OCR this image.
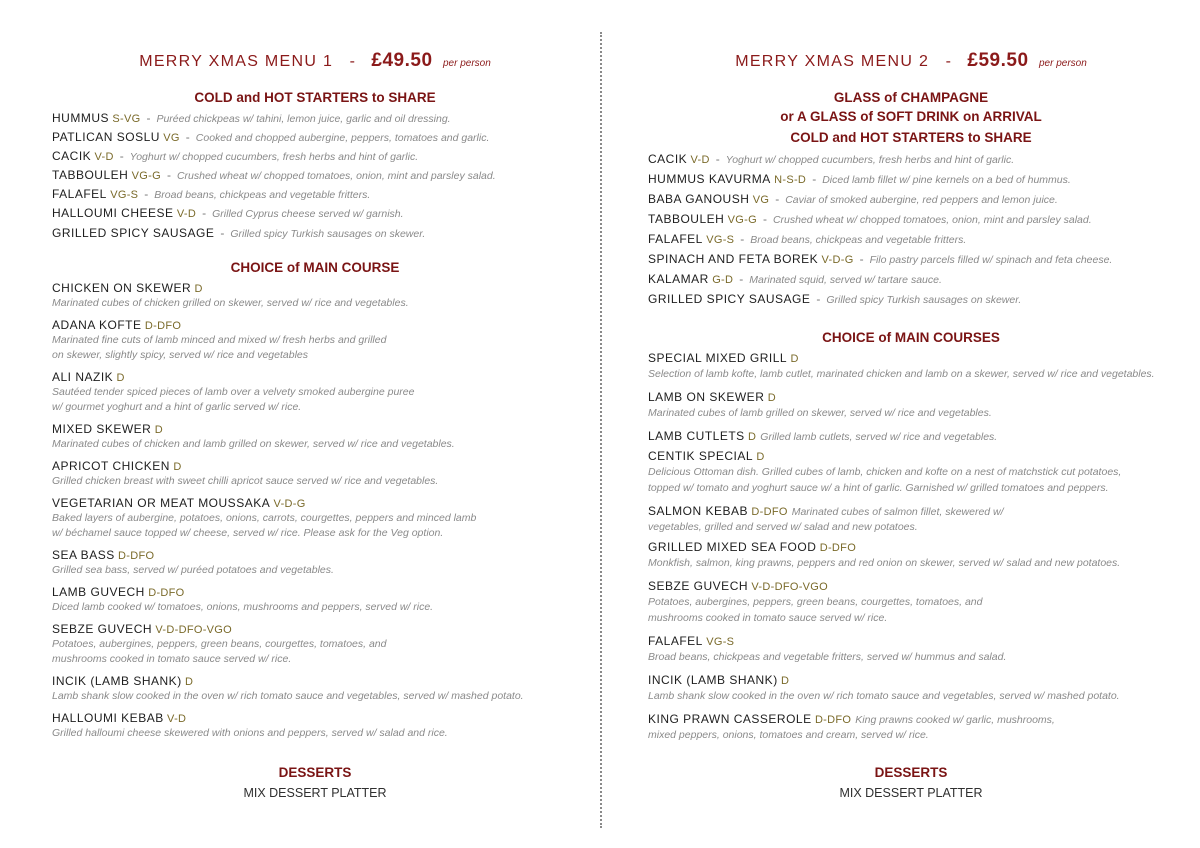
MERRY XMAS MENU 1 - £49.50 per person
COLD and HOT STARTERS to SHARE
HUMMUS S-VG - Puréed chickpeas w/ tahini, lemon juice, garlic and oil dressing.
PATLICAN SOSLU VG - Cooked and chopped aubergine, peppers, tomatoes and garlic.
CACIK V-D - Yoghurt w/ chopped cucumbers, fresh herbs and hint of garlic.
TABBOULEH VG-G - Crushed wheat w/ chopped tomatoes, onion, mint and parsley salad.
FALAFEL VG-S - Broad beans, chickpeas and vegetable fritters.
HALLOUMI CHEESE V-D - Grilled Cyprus cheese served w/ garnish.
GRILLED SPICY SAUSAGE - Grilled spicy Turkish sausages on skewer.
CHOICE of MAIN COURSE
CHICKEN ON SKEWER D
Marinated cubes of chicken grilled on skewer, served w/ rice and vegetables.
ADANA KOFTE D-DFO
Marinated fine cuts of lamb minced and mixed w/ fresh herbs and grilled
on skewer, slightly spicy, served w/ rice and vegetables
ALI NAZIK D
Sautéed tender spiced pieces of lamb over a velvety smoked aubergine puree
w/ gourmet yoghurt and a hint of garlic served w/ rice.
MIXED SKEWER D
Marinated cubes of chicken and lamb grilled on skewer, served w/ rice and vegetables.
APRICOT CHICKEN D
Grilled chicken breast with sweet chilli apricot sauce served w/ rice and vegetables.
VEGETARIAN OR MEAT MOUSSAKA V-D-G
Baked layers of aubergine, potatoes, onions, carrots, courgettes, peppers and minced lamb
w/ béchamel sauce topped w/ cheese, served w/ rice. Please ask for the Veg option.
SEA BASS D-DFO
Grilled sea bass, served w/ puréed potatoes and vegetables.
LAMB GUVECH D-DFO
Diced lamb cooked w/ tomatoes, onions, mushrooms and peppers, served w/ rice.
SEBZE GUVECH V-D-DFO-VGO
Potatoes, aubergines, peppers, green beans, courgettes, tomatoes, and
mushrooms cooked in tomato sauce served w/ rice.
INCIK (LAMB SHANK) D
Lamb shank slow cooked in the oven w/ rich tomato sauce and vegetables, served w/ mashed potato.
HALLOUMI KEBAB V-D
Grilled halloumi cheese skewered with onions and peppers, served w/ salad and rice.
DESSERTS
MIX DESSERT PLATTER
MERRY XMAS MENU 2 - £59.50 per person
GLASS of CHAMPAGNE
or A GLASS of SOFT DRINK on ARRIVAL
COLD and HOT STARTERS to SHARE
CACIK V-D - Yoghurt w/ chopped cucumbers, fresh herbs and hint of garlic.
HUMMUS KAVURMA N-S-D - Diced lamb fillet w/ pine kernels on a bed of hummus.
BABA GANOUSH VG - Caviar of smoked aubergine, red peppers and lemon juice.
TABBOULEH VG-G - Crushed wheat w/ chopped tomatoes, onion, mint and parsley salad.
FALAFEL VG-S - Broad beans, chickpeas and vegetable fritters.
SPINACH AND FETA BOREK V-D-G - Filo pastry parcels filled w/ spinach and feta cheese.
KALAMAR G-D - Marinated squid, served w/ tartare sauce.
GRILLED SPICY SAUSAGE - Grilled spicy Turkish sausages on skewer.
CHOICE of MAIN COURSES
SPECIAL MIXED GRILL D
Selection of lamb kofte, lamb cutlet, marinated chicken and lamb on a skewer, served w/ rice and vegetables.
LAMB ON SKEWER D
Marinated cubes of lamb grilled on skewer, served w/ rice and vegetables.
LAMB CUTLETS D Grilled lamb cutlets, served w/ rice and vegetables.
CENTIK SPECIAL D
Delicious Ottoman dish. Grilled cubes of lamb, chicken and kofte on a nest of matchstick cut potatoes,
topped w/ tomato and yoghurt sauce w/ a hint of garlic. Garnished w/ grilled tomatoes and peppers.
SALMON KEBAB D-DFO Marinated cubes of salmon fillet, skewered w/
vegetables, grilled and served w/ salad and new potatoes.
GRILLED MIXED SEA FOOD D-DFO
Monkfish, salmon, king prawns, peppers and red onion on skewer, served w/ salad and new potatoes.
SEBZE GUVECH V-D-DFO-VGO
Potatoes, aubergines, peppers, green beans, courgettes, tomatoes, and
mushrooms cooked in tomato sauce served w/ rice.
FALAFEL VG-S
Broad beans, chickpeas and vegetable fritters, served w/ hummus and salad.
INCIK (LAMB SHANK) D
Lamb shank slow cooked in the oven w/ rich tomato sauce and vegetables, served w/ mashed potato.
KING PRAWN CASSEROLE D-DFO King prawns cooked w/ garlic, mushrooms,
mixed peppers, onions, tomatoes and cream, served w/ rice.
DESSERTS
MIX DESSERT PLATTER
